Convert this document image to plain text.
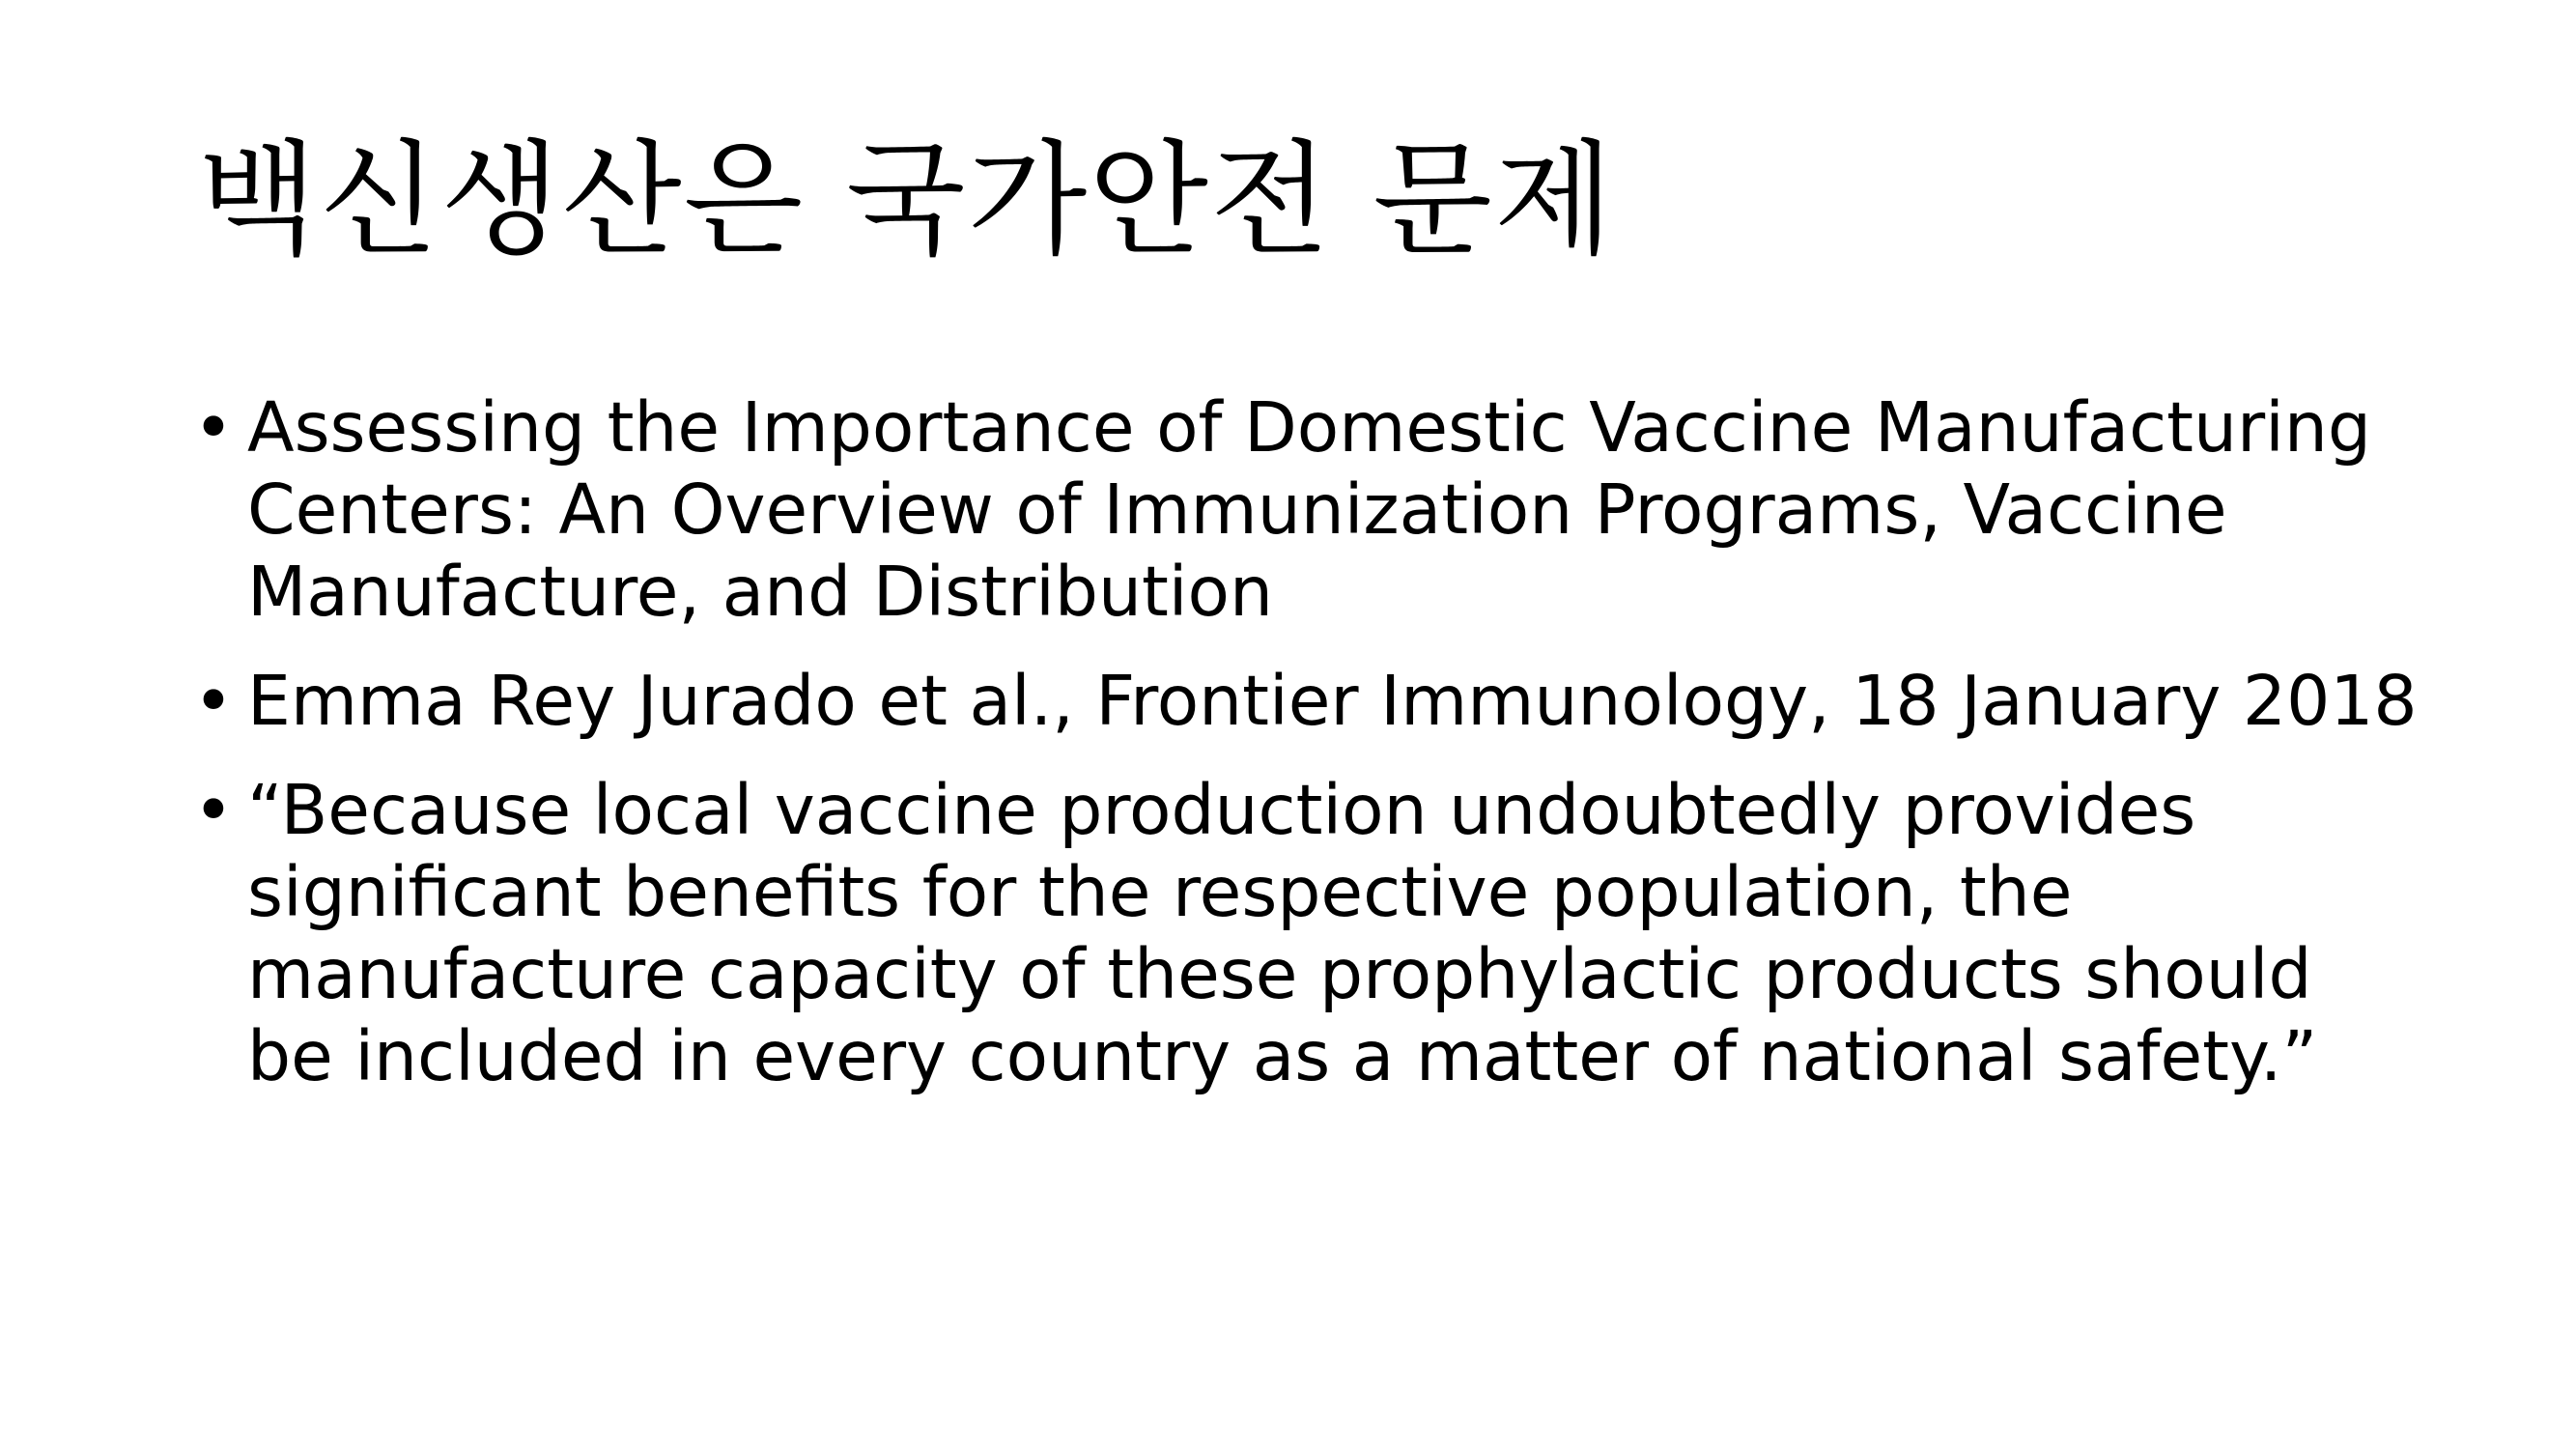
백신생산은 국가안전 문제
• Assessing the Importance of Domestic Vaccine Manufacturing
Centers: An Overview of Immunization Programs, Vaccine
Manufacture, and Distribution
• Emma Rey Jurado et al., Frontier Immunology, 18 January 2018
• “Because local vaccine production undoubtedly provides
significant benefits for the respective population, the
manufacture capacity of these prophylactic products should
be included in every country as a matter of national safety.”
